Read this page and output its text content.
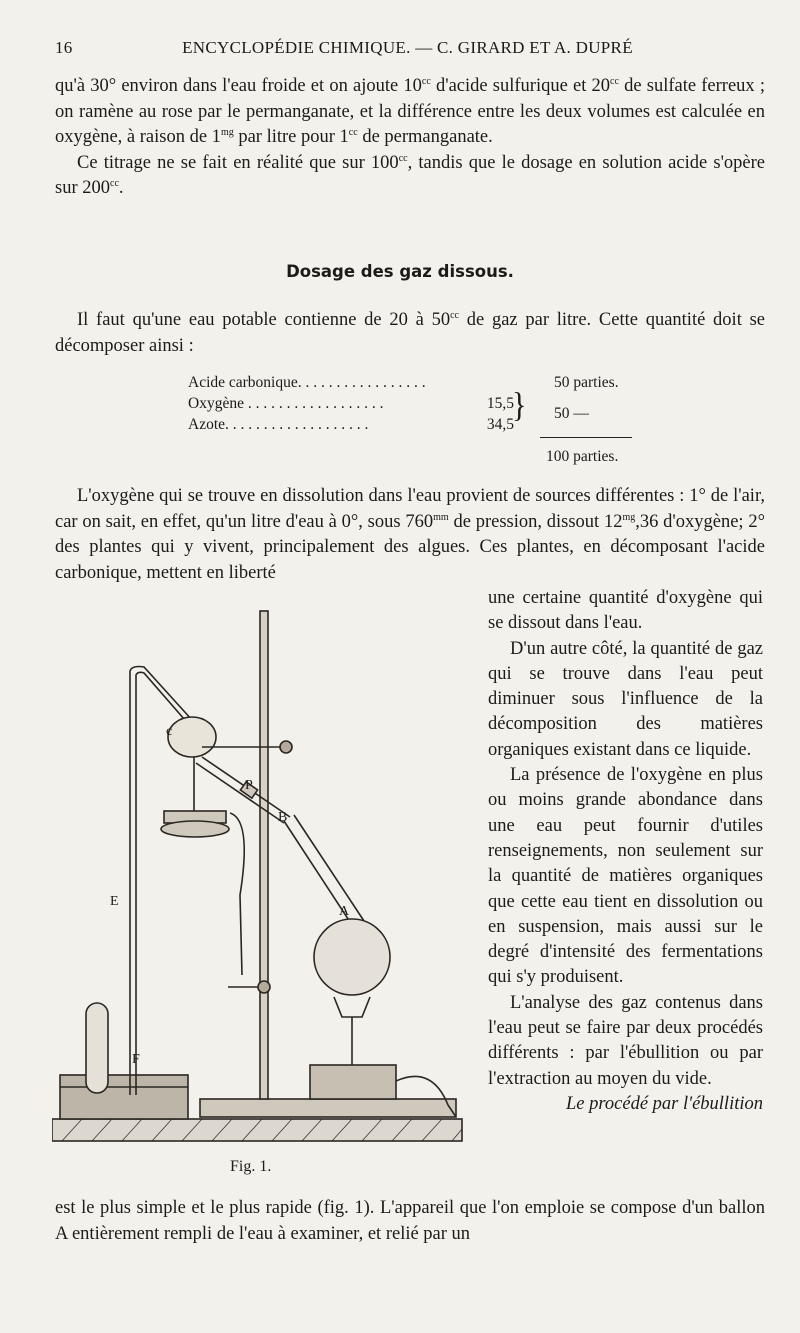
16	ENCYCLOPÉDIE CHIMIQUE. — C. GIRARD ET A. DUPRÉ

qu'à 30° environ dans l'eau froide et on ajoute $10^{cc}$ d'acide sulfurique et $20^{cc}$ de sulfate ferreux ; on ramène au rose par le permanganate, et la différence entre les deux volumes est calculée en oxygène, à raison de $1^{mg}$ par litre pour $1^{cc}$ de permanganate.

Ce titrage ne se fait en réalité que sur $100^{cc}$, tandis que le dosage en solution acide s'opère sur $200^{cc}$.

Dosage des gaz dissous.

Il faut qu'une eau potable contienne de 20 à $50^{cc}$ de gaz par litre. Cette quantité doit se décomposer ainsi :

Acide carbonique. . . . . . . . . . . . . . . . .	50 parties.
Oxygène . . . . . . . . . . . . . . . . . .	15,5
Azote. . . . . . . . . . . . . . . . . . .	34,5
} 50 —
100 parties.

L'oxygène qui se trouve en dissolution dans l'eau provient de sources différentes : 1° de l'air, car on sait, en effet, qu'un litre d'eau à 0°, sous $760^{mm}$ de pression, dissout $12^{mg},36$ d'oxygène; 2° des plantes qui y vivent, principalement des algues. Ces plantes, en décomposant l'acide carbonique, mettent en liberté

une certaine quantité d'oxygène qui se dissout dans l'eau.

D'un autre côté, la quantité de gaz qui se trouve dans l'eau peut diminuer sous l'influence de la décomposition des matières organiques existant dans ce liquide.

La présence de l'oxygène en plus ou moins grande abondance dans une eau peut fournir d'utiles renseignements, non seulement sur la quantité de matières organiques que cette eau tient en dissolution ou en suspension, mais aussi sur le degré d'intensité des fermentations qui s'y produisent.

L'analyse des gaz contenus dans l'eau peut se faire par deux procédés différents : par l'ébullition ou par l'extraction au moyen du vide.

Le procédé par l'ébullition

c
P
B
A
E
F
Fig. 1.
est le plus simple et le plus rapide (fig. 1). L'appareil que l'on emploie se compose d'un ballon A entièrement rempli de l'eau à examiner, et relié par un
